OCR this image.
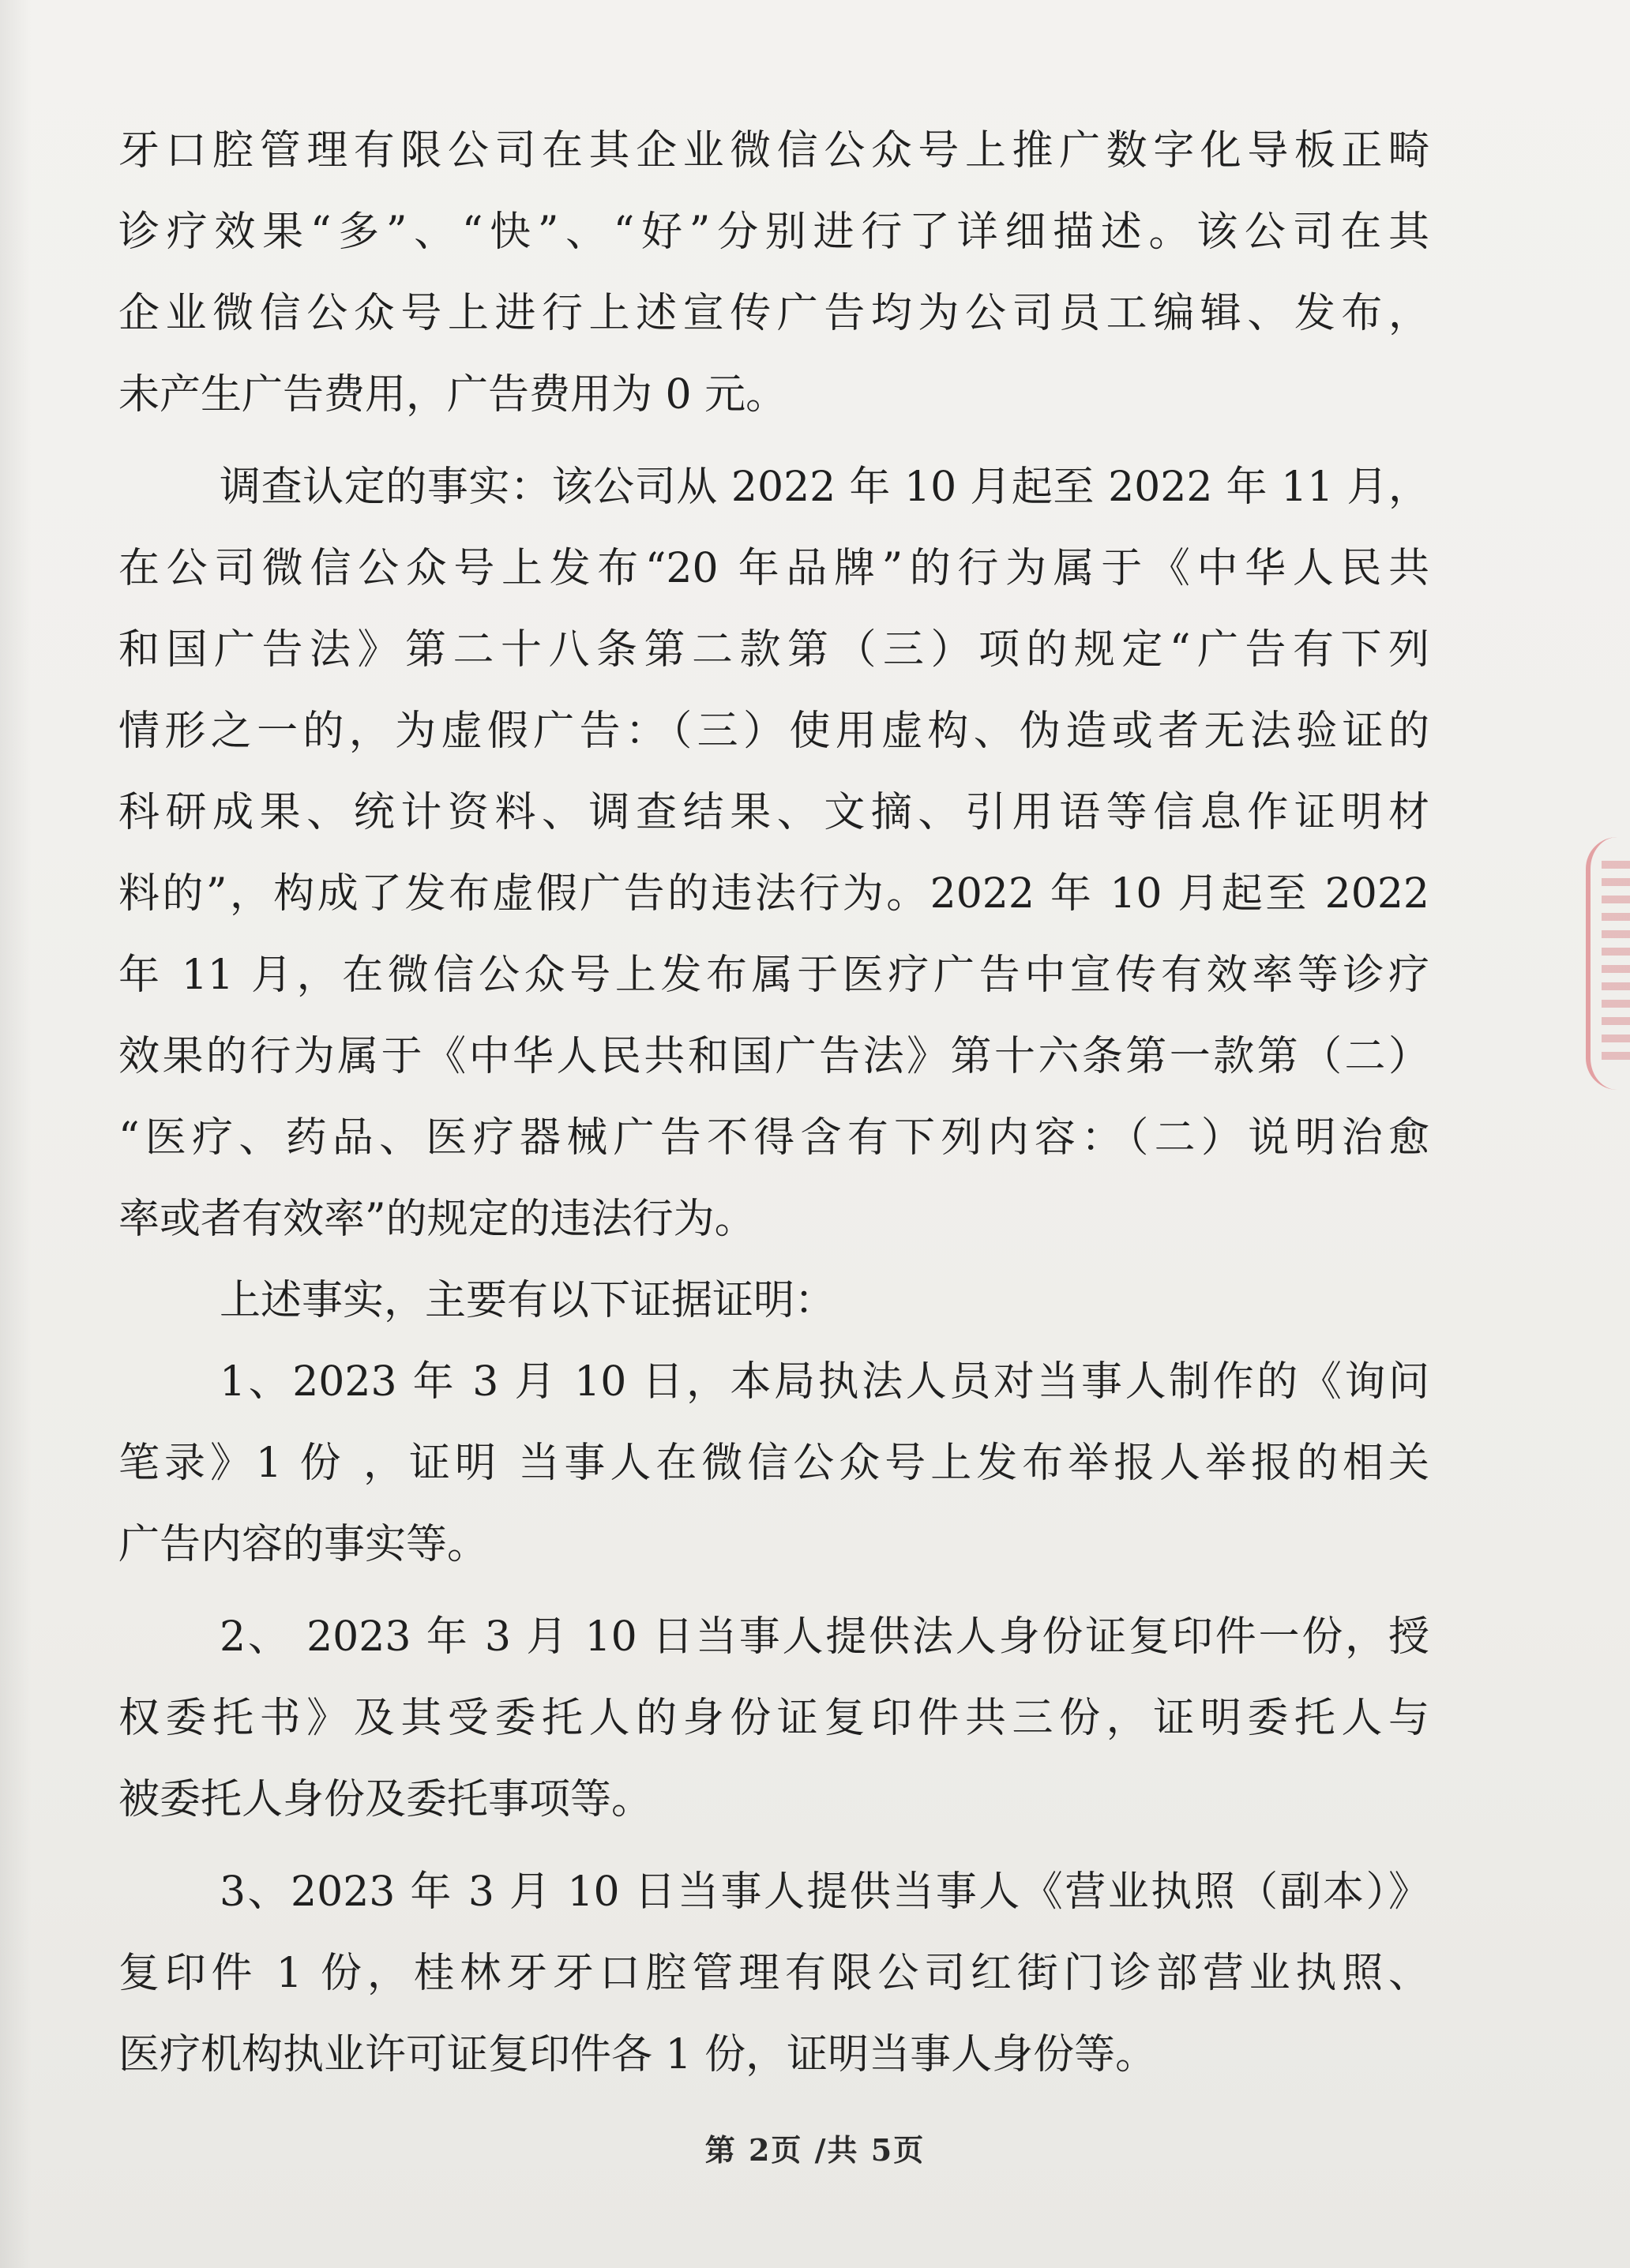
牙口腔管理有限公司在其企业微信公众号上推广数字化导板正畸
诊疗效果“多”、“快”、“好”分别进行了详细描述。该公司在其
企业微信公众号上进行上述宣传广告均为公司员工编辑、发布，
未产生广告费用，广告费用为 0 元。
调查认定的事实：该公司从 2022 年 10 月起至 2022 年 11 月，
在公司微信公众号上发布“20 年品牌”的行为属于《中华人民共
和国广告法》第二十八条第二款第（三）项的规定“广告有下列
情形之一的，为虚假广告：（三）使用虚构、伪造或者无法验证的
科研成果、统计资料、调查结果、文摘、引用语等信息作证明材
料的”，构成了发布虚假广告的违法行为。2022 年 10 月起至 2022
年 11 月，在微信公众号上发布属于医疗广告中宣传有效率等诊疗
效果的行为属于《中华人民共和国广告法》第十六条第一款第（二）
“医疗、药品、医疗器械广告不得含有下列内容：（二）说明治愈
率或者有效率”的规定的违法行为。
上述事实，主要有以下证据证明：
1、2023 年 3 月 10 日，本局执法人员对当事人制作的《询问
笔录》1 份 ，证明 当事人在微信公众号上发布举报人举报的相关
广告内容的事实等。
2、 2023 年 3 月 10 日当事人提供法人身份证复印件一份，授
权委托书》及其受委托人的身份证复印件共三份，证明委托人与
被委托人身份及委托事项等。
3、2023 年 3 月 10 日当事人提供当事人《营业执照（副本）》
复印件 1 份，桂林牙牙口腔管理有限公司红街门诊部营业执照、
医疗机构执业许可证复印件各 1 份，证明当事人身份等。
第 2页 /共 5页
